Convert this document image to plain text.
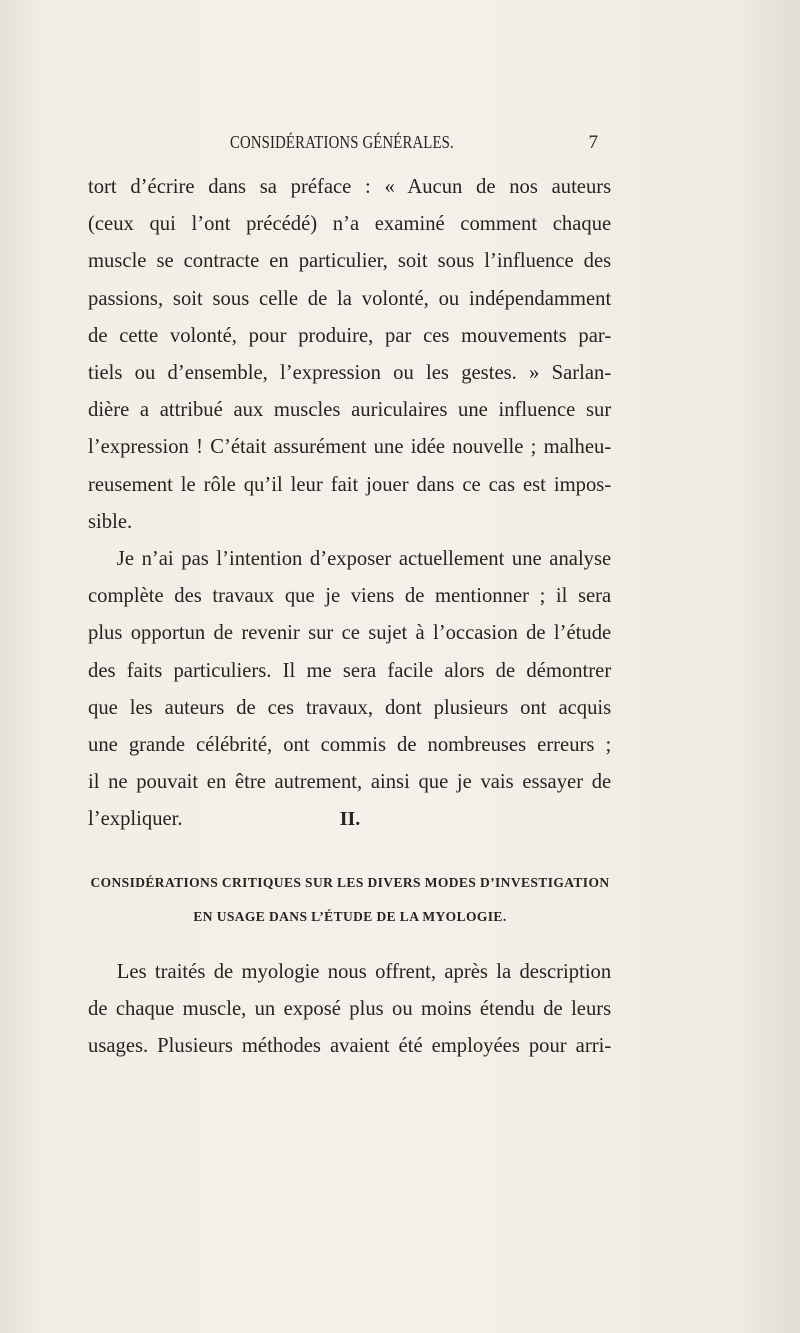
CONSIDÉRATIONS GÉNÉRALES.	7

tort d’écrire dans sa préface : « Aucun de nos auteurs

(ceux qui l’ont précédé) n’a examiné comment chaque

muscle se contracte en particulier, soit sous l’influence des

passions, soit sous celle de la volonté, ou indépendamment

de cette volonté, pour produire, par ces mouvements par-

tiels ou d’ensemble, l’expression ou les gestes. » Sarlan-

dière a attribué aux muscles auriculaires une influence sur

l’expression ! C’était assurément une idée nouvelle ; malheu-

reusement le rôle qu’il leur fait jouer dans ce cas est impos-

sible.

Je n’ai pas l’intention d’exposer actuellement une analyse

complète des travaux que je viens de mentionner ; il sera

plus opportun de revenir sur ce sujet à l’occasion de l’étude

des faits particuliers. Il me sera facile alors de démontrer

que les auteurs de ces travaux, dont plusieurs ont acquis

une grande célébrité, ont commis de nombreuses erreurs ;

il ne pouvait en être autrement, ainsi que je vais essayer de

l’expliquer.	II.
CONSIDÉRATIONS CRITIQUES SUR LES DIVERS MODES D’INVESTIGATION
EN USAGE DANS L’ÉTUDE DE LA MYOLOGIE.

Les traités de myologie nous offrent, après la description

de chaque muscle, un exposé plus ou moins étendu de leurs

usages. Plusieurs méthodes avaient été employées pour arri-
